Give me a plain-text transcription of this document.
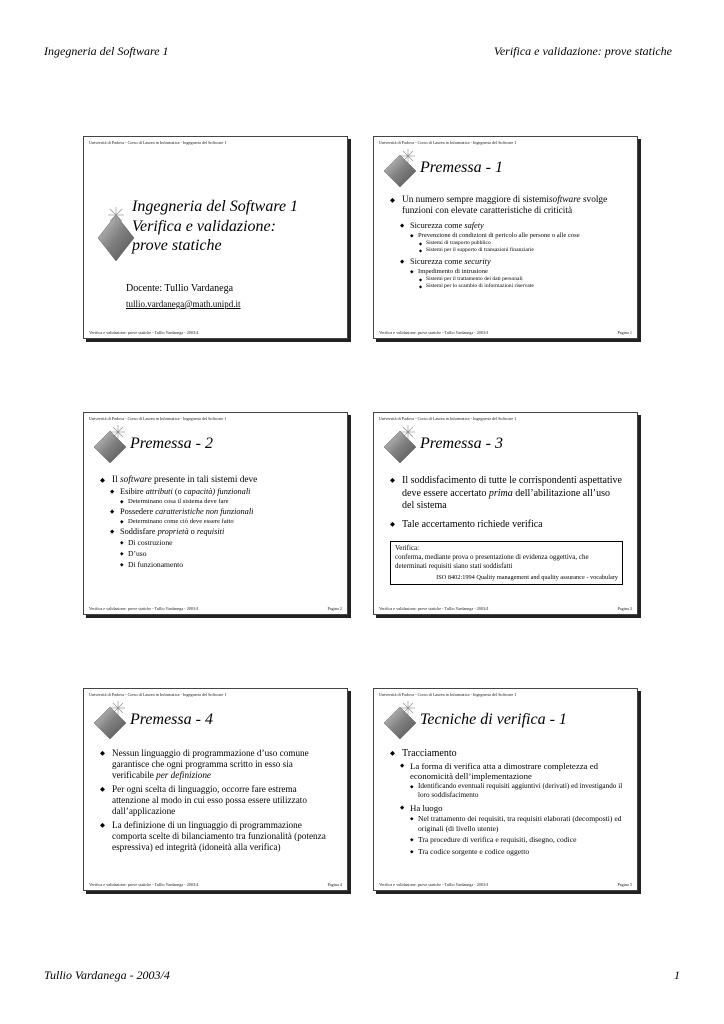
Ingegneria del Software 1	Verifica e validazione: prove statiche
Università di Padova - Corso di Laurea in Informatica - Ingegneria del Software 1
Ingegneria del Software 1
Verifica e validazione:
prove statiche
Docente: Tullio Vardanega
tullio.vardanega@math.unipd.it
Verifica e validazione: prove statiche - Tullio Vardanega - 2003/4
Università di Padova - Corso di Laurea in Informatica - Ingegneria del Software 1
Premessa - 1
◆ Un numero sempre maggiore di sistemisoftware svolge funzioni con elevate caratteristiche di criticità
◆ Sicurezza come safety
◆ Prevenzione di condizioni di pericolo alle persone o alle cose
◆ Sistemi di trasporto pubblico
◆ Sistemi per il supporto di transazioni finanziarie
◆ Sicurezza come security
◆ Impedimento di intrusione
◆ Sistemi per il trattamento dei dati personali
◆ Sistemi per lo scambio di informazioni riservate
Verifica e validazione: prove statiche - Tullio Vardanega - 2003/4	Pagina 1
Università di Padova - Corso di Laurea in Informatica - Ingegneria del Software 1
Premessa - 2
◆ Il software presente in tali sistemi deve
◆ Esibire attributi (o capacità) funzionali
◆ Determinano cosa il sistema deve fare
◆ Possedere caratteristiche non funzionali
◆ Determinano come ciò deve essere fatto
◆ Soddisfare proprietà o requisiti
◆ Di costruzione
◆ D’uso
◆ Di funzionamento
Verifica e validazione: prove statiche - Tullio Vardanega - 2003/4	Pagina 2
Università di Padova - Corso di Laurea in Informatica - Ingegneria del Software 1
Premessa - 3
◆ Il soddisfacimento di tutte le corrispondenti aspettative deve essere accertato prima dell’abilitazione all’uso del sistema
◆ Tale accertamento richiede verifica
Verifica:
conferma, mediante prova o presentazione di evidenza oggettiva, che determinati requisiti siano stati soddisfatti
ISO 8402:1994 Quality management and quality assurance - vocabulary
Verifica e validazione: prove statiche - Tullio Vardanega - 2003/4	Pagina 3
Università di Padova - Corso di Laurea in Informatica - Ingegneria del Software 1
Premessa - 4
◆ Nessun linguaggio di programmazione d’uso comune garantisce che ogni programma scritto in esso sia verificabile per definizione
◆ Per ogni scelta di linguaggio, occorre fare estrema attenzione al modo in cui esso possa essere utilizzato dall’applicazione
◆ La definizione di un linguaggio di programmazione comporta scelte di bilanciamento tra funzionalità (potenza espressiva) ed integrità (idoneità alla verifica)
Verifica e validazione: prove statiche - Tullio Vardanega - 2003/4	Pagina 4
Università di Padova - Corso di Laurea in Informatica - Ingegneria del Software 1
Tecniche di verifica - 1
◆ Tracciamento
◆ La forma di verifica atta a dimostrare completezza ed economicità dell’implementazione
◆ Identificando eventuali requisiti aggiuntivi (derivati) ed investigando il loro soddisfacimento
◆ Ha luogo
◆ Nel trattamento dei requisiti, tra requisiti elaborati (decomposti) ed originali (di livello utente)
◆ Tra procedure di verifica e requisiti, disegno, codice
◆ Tra codice sorgente e codice oggetto
Verifica e validazione: prove statiche - Tullio Vardanega - 2003/4	Pagina 5
Tullio Vardanega - 2003/4	1
